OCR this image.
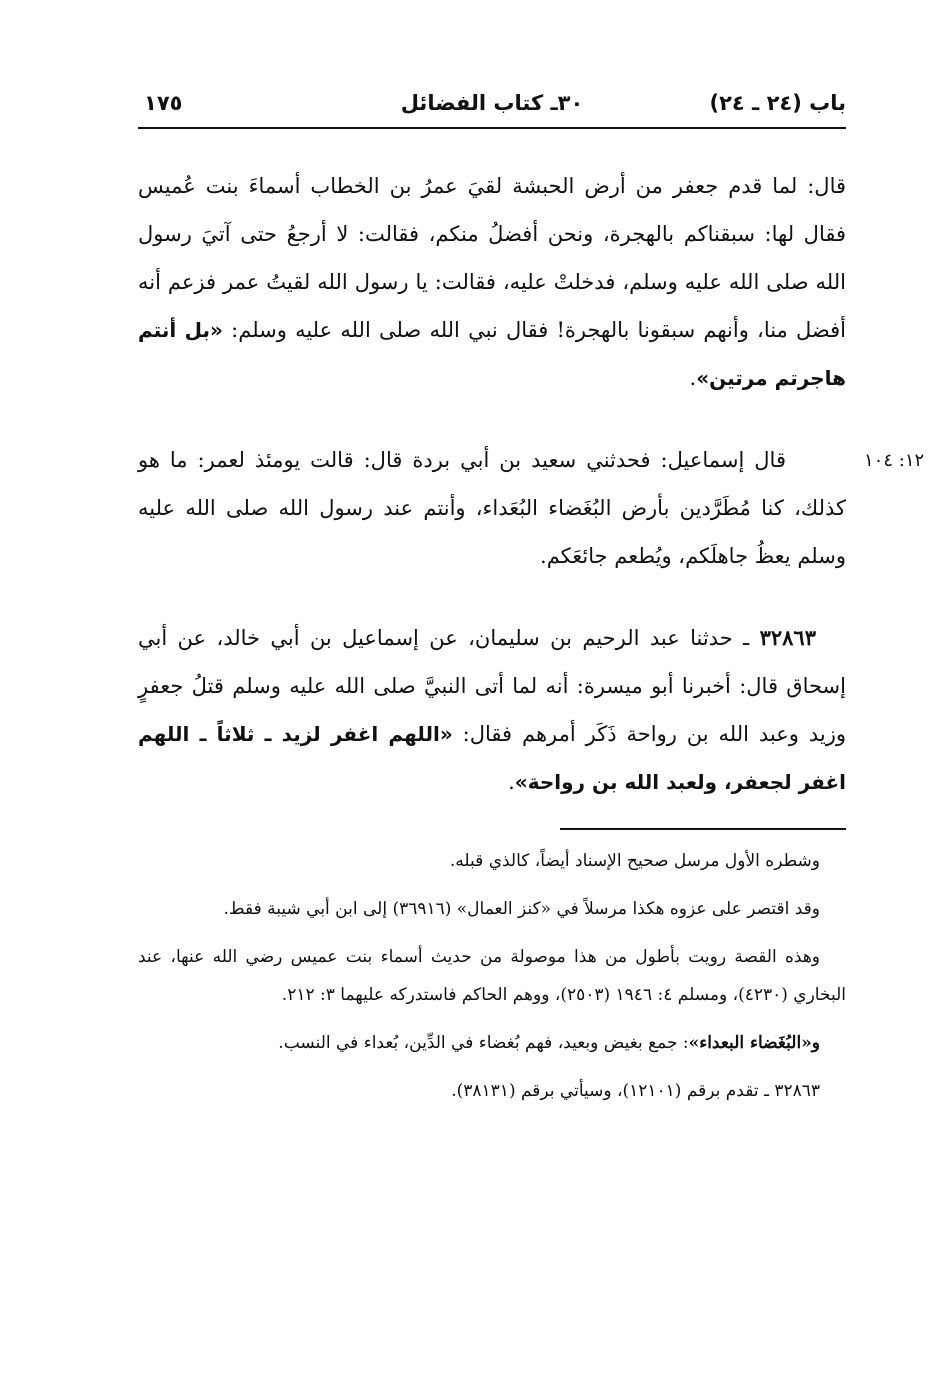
باب (٢٤ ـ ٢٤)
٣٠ـ كتاب الفضائل
١٧٥
قال: لما قدم جعفر من أرض الحبشة لقيَ عمرُ بن الخطاب أسماءَ بنت عُميس فقال لها: سبقناكم بالهجرة، ونحن أفضلُ منكم، فقالت: لا أرجعُ حتى آتيَ رسول الله صلى الله عليه وسلم، فدخلتْ عليه، فقالت: يا رسول الله لقيتُ عمر فزعم أنه أفضل منا، وأنهم سبقونا بالهجرة! فقال نبي الله صلى الله عليه وسلم: «بل أنتم هاجرتم مرتين».
١٢: ١٠٤
قال إسماعيل: فحدثني سعيد بن أبي بردة قال: قالت يومئذ لعمر: ما هو كذلك، كنا مُطَرَّدين بأرض البُغَضاء البُعَداء، وأنتم عند رسول الله صلى الله عليه وسلم يعظُ جاهلَكم، ويُطعم جائعَكم.
٣٢٨٦٣ ـ حدثنا عبد الرحيم بن سليمان، عن إسماعيل بن أبي خالد، عن أبي إسحاق قال: أخبرنا أبو ميسرة: أنه لما أتى النبيَّ صلى الله عليه وسلم قتلُ جعفرٍ وزيد وعبد الله بن رواحة ذَكَر أمرهم فقال: «اللهم اغفر لزيد ـ ثلاثاً ـ اللهم اغفر لجعفر، ولعبد الله بن رواحة».

وشطره الأول مرسل صحيح الإسناد أيضاً، كالذي قبله.

وقد اقتصر على عزوه هكذا مرسلاً في «كنز العمال» (٣٦٩١٦) إلى ابن أبي شيبة فقط.

وهذه القصة رويت بأطول من هذا موصولة من حديث أسماء بنت عميس رضي الله عنها، عند البخاري (٤٢٣٠)، ومسلم ٤: ١٩٤٦ (٢٥٠٣)، ووهم الحاكم فاستدركه عليهما ٣: ٢١٢.

و«البُغَضاء البعداء»: جمع بغيض وبعيد، فهم بُغضاء في الدِّين، بُعداء في النسب.

٣٢٨٦٣ ـ تقدم برقم (١٢١٠١)، وسيأتي برقم (٣٨١٣١).
